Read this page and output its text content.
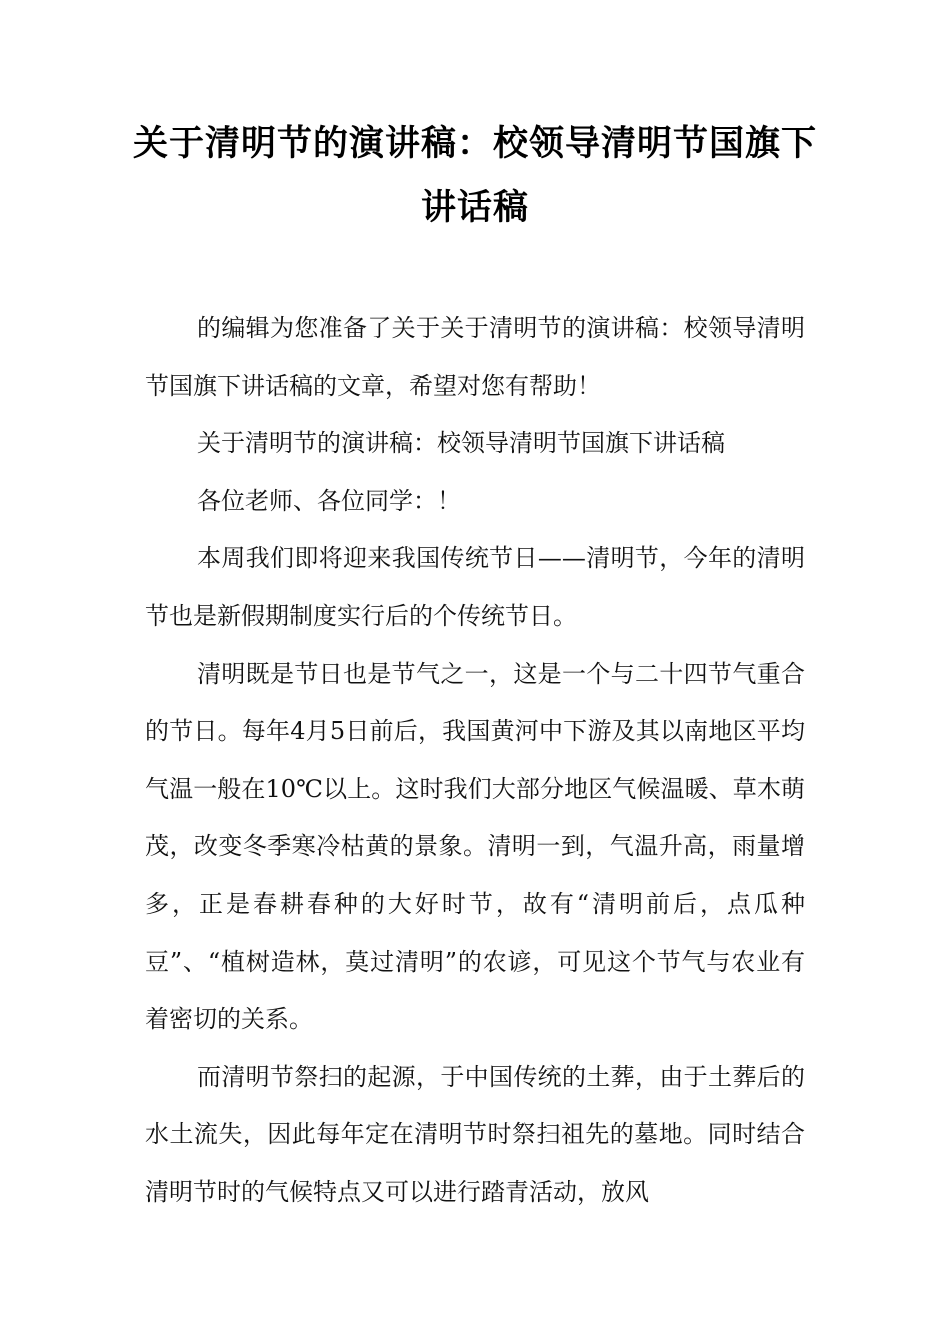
关于清明节的演讲稿：校领导清明节国旗下讲话稿

的编辑为您准备了关于关于清明节的演讲稿：校领导清明节国旗下讲话稿的文章，希望对您有帮助！

关于清明节的演讲稿：校领导清明节国旗下讲话稿

各位老师、各位同学：！

本周我们即将迎来我国传统节日——清明节，今年的清明节也是新假期制度实行后的个传统节日。

清明既是节日也是节气之一，这是一个与二十四节气重合的节日。每年4月5日前后，我国黄河中下游及其以南地区平均气温一般在10℃以上。这时我们大部分地区气候温暖、草木萌茂，改变冬季寒冷枯黄的景象。清明一到，气温升高，雨量增多，正是春耕春种的大好时节，故有“清明前后，点瓜种豆”、“植树造林，莫过清明”的农谚，可见这个节气与农业有着密切的关系。

而清明节祭扫的起源，于中国传统的土葬，由于土葬后的水土流失，因此每年定在清明节时祭扫祖先的墓地。同时结合清明节时的气候特点又可以进行踏青活动，放风
